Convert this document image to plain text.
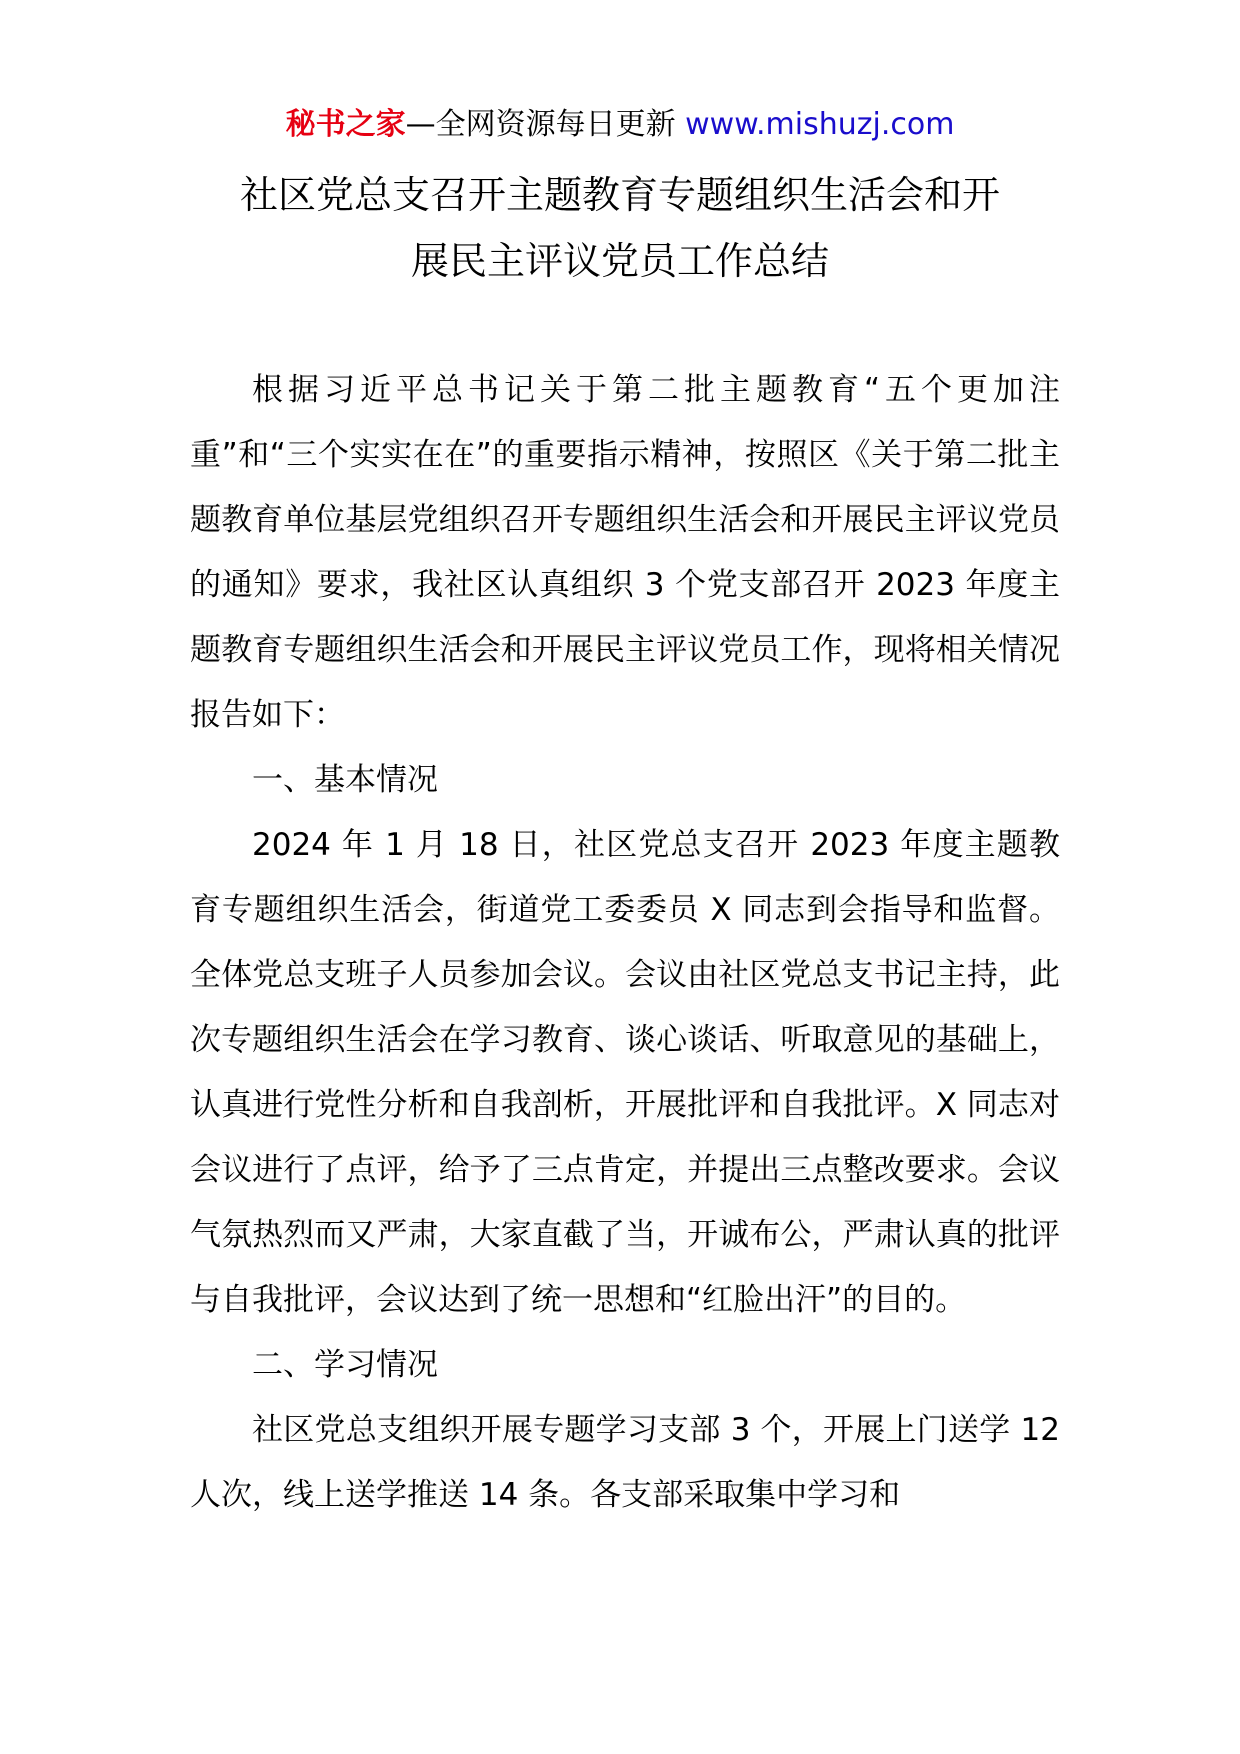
秘书之家—全网资源每日更新 www.mishuzj.com
社区党总支召开主题教育专题组织生活会和开
展民主评议党员工作总结

根据习近平总书记关于第二批主题教育“五个更加注重”和“三个实实在在”的重要指示精神，按照区《关于第二批主题教育单位基层党组织召开专题组织生活会和开展民主评议党员的通知》要求，我社区认真组织 3 个党支部召开 2023 年度主题教育专题组织生活会和开展民主评议党员工作，现将相关情况报告如下：

一、基本情况

2024 年 1 月 18 日，社区党总支召开 2023 年度主题教育专题组织生活会，街道党工委委员 X 同志到会指导和监督。全体党总支班子人员参加会议。会议由社区党总支书记主持，此次专题组织生活会在学习教育、谈心谈话、听取意见的基础上，认真进行党性分析和自我剖析，开展批评和自我批评。X 同志对会议进行了点评，给予了三点肯定，并提出三点整改要求。会议气氛热烈而又严肃，大家直截了当，开诚布公，严肃认真的批评与自我批评，会议达到了统一思想和“红脸出汗”的目的。

二、学习情况

社区党总支组织开展专题学习支部 3 个，开展上门送学 12 人次，线上送学推送 14 条。各支部采取集中学习和
